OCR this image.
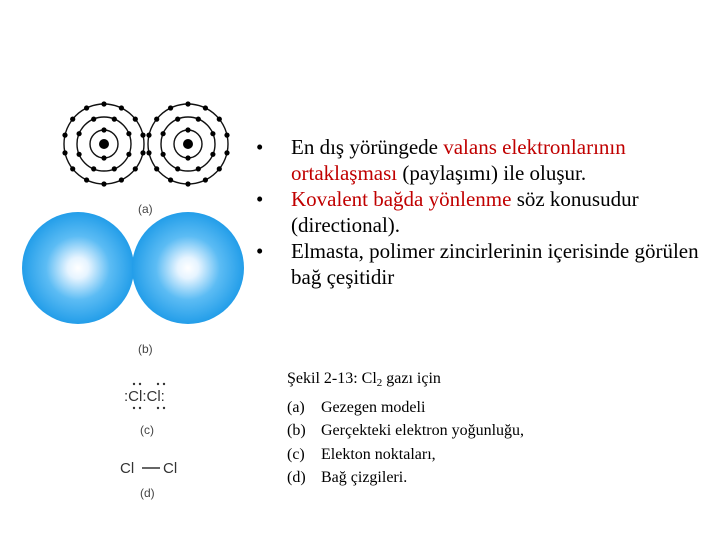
(a)
(b)
:Cl:Cl:
(c)
Cl Cl
(d)
• En dış yörüngede valans elektronlarının ortaklaşması (paylaşımı) ile oluşur.
• Kovalent bağda yönlenme söz konusudur (directional).
• Elmasta, polimer zincirlerinin içerisinde görülen bağ çeşitidir
Şekil 2-13: $Cl_2$ gazı için
(a)	Gezegen modeli
(b) Gerçekteki elektron yoğunluğu,
(c)	Elekton noktaları,
(d) Bağ çizgileri.
